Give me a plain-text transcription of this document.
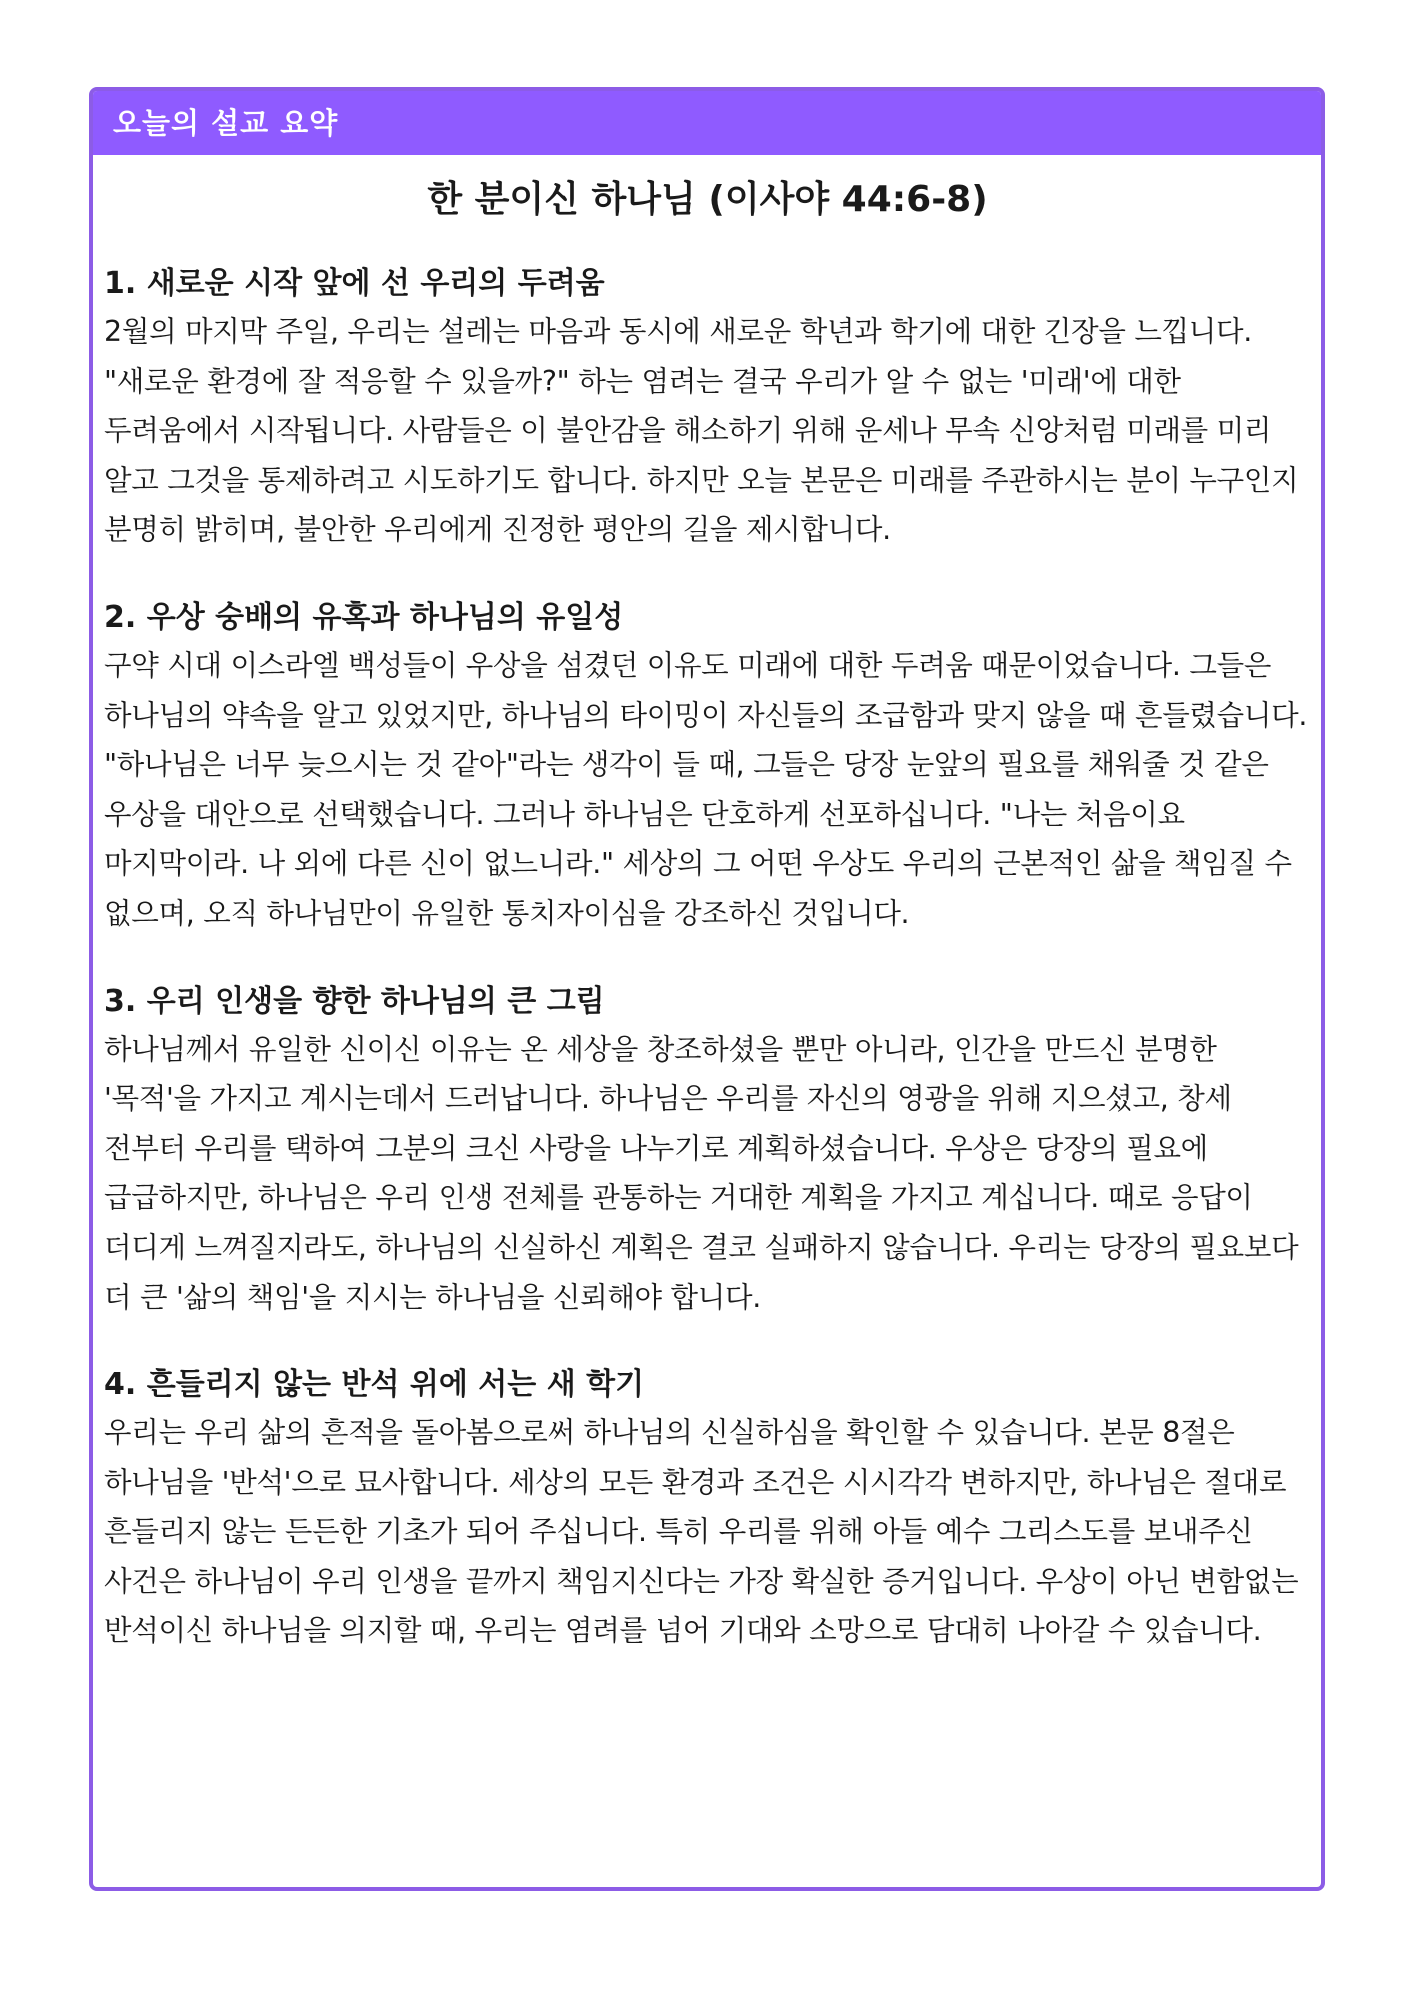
오늘의 설교 요약
한 분이신 하나님 (이사야 44:6-8)
1. 새로운 시작 앞에 선 우리의 두려움

2월의 마지막 주일, 우리는 설레는 마음과 동시에 새로운 학년과 학기에 대한 긴장을 느낍니다. "새로운 환경에 잘 적응할 수 있을까?" 하는 염려는 결국 우리가 알 수 없는 '미래'에 대한 두려움에서 시작됩니다. 사람들은 이 불안감을 해소하기 위해 운세나 무속 신앙처럼 미래를 미리 알고 그것을 통제하려고 시도하기도 합니다. 하지만 오늘 본문은 미래를 주관하시는 분이 누구인지 분명히 밝히며, 불안한 우리에게 진정한 평안의 길을 제시합니다.

2. 우상 숭배의 유혹과 하나님의 유일성

구약 시대 이스라엘 백성들이 우상을 섬겼던 이유도 미래에 대한 두려움 때문이었습니다. 그들은 하나님의 약속을 알고 있었지만, 하나님의 타이밍이 자신들의 조급함과 맞지 않을 때 흔들렸습니다. "하나님은 너무 늦으시는 것 같아"라는 생각이 들 때, 그들은 당장 눈앞의 필요를 채워줄 것 같은 우상을 대안으로 선택했습니다. 그러나 하나님은 단호하게 선포하십니다. "나는 처음이요 마지막이라. 나 외에 다른 신이 없느니라." 세상의 그 어떤 우상도 우리의 근본적인 삶을 책임질 수 없으며, 오직 하나님만이 유일한 통치자이심을 강조하신 것입니다.

3. 우리 인생을 향한 하나님의 큰 그림

하나님께서 유일한 신이신 이유는 온 세상을 창조하셨을 뿐만 아니라, 인간을 만드신 분명한 '목적'을 가지고 계시는데서 드러납니다. 하나님은 우리를 자신의 영광을 위해 지으셨고, 창세 전부터 우리를 택하여 그분의 크신 사랑을 나누기로 계획하셨습니다. 우상은 당장의 필요에 급급하지만, 하나님은 우리 인생 전체를 관통하는 거대한 계획을 가지고 계십니다. 때로 응답이 더디게 느껴질지라도, 하나님의 신실하신 계획은 결코 실패하지 않습니다. 우리는 당장의 필요보다 더 큰 '삶의 책임'을 지시는 하나님을 신뢰해야 합니다.

4. 흔들리지 않는 반석 위에 서는 새 학기

우리는 우리 삶의 흔적을 돌아봄으로써 하나님의 신실하심을 확인할 수 있습니다. 본문 8절은 하나님을 '반석'으로 묘사합니다. 세상의 모든 환경과 조건은 시시각각 변하지만, 하나님은 절대로 흔들리지 않는 든든한 기초가 되어 주십니다. 특히 우리를 위해 아들 예수 그리스도를 보내주신 사건은 하나님이 우리 인생을 끝까지 책임지신다는 가장 확실한 증거입니다. 우상이 아닌 변함없는 반석이신 하나님을 의지할 때, 우리는 염려를 넘어 기대와 소망으로 담대히 나아갈 수 있습니다.
